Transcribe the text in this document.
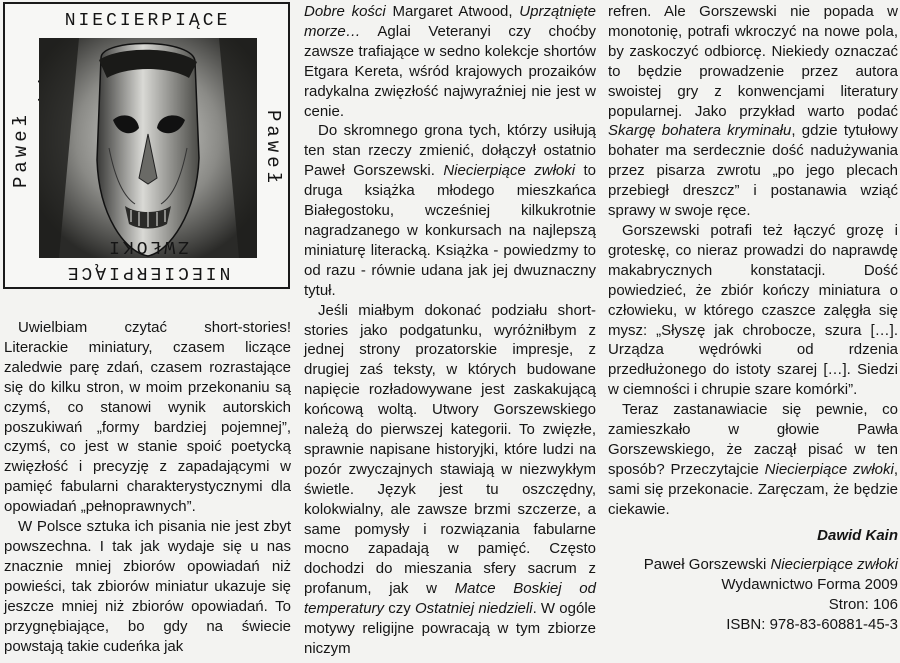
NIECIERPIĄCE
Paweł	Paweł
NIECIERPIĄCE ZWŁOKI

Uwielbiam czytać short-stories! Literackie miniatury, czasem liczące zaledwie parę zdań, czasem rozrastające się do kilku stron, w moim przekonaniu są czymś, co stanowi wynik autorskich poszukiwań „formy bardziej pojemnej”, czymś, co jest w stanie spoić poetycką zwięzłość i precyzję z zapadającymi w pamięć fabularni charakterystycznymi dla opowiadań „pełnoprawnych”.

W Polsce sztuka ich pisania nie jest zbyt powszechna. I tak jak wydaje się u nas znacznie mniej zbiorów opowiadań niż powieści, tak zbiorów miniatur ukazuje się jeszcze mniej niż zbiorów opowiadań. To przygnębiające, bo gdy na świecie powstają takie cudeńka jak

Dobre kości Margaret Atwood, Uprzątnięte morze… Aglai Veteranyi czy choćby zawsze trafiające w sedno kolekcje shortów Etgara Kereta, wśród krajowych prozaików radykalna zwięzłość najwyraźniej nie jest w cenie.

Do skromnego grona tych, którzy usiłują ten stan rzeczy zmienić, dołączył ostatnio Paweł Gorszewski. Niecierpiące zwłoki to druga książka młodego mieszkańca Białegostoku, wcześniej kilkukrotnie nagradzanego w konkursach na najlepszą miniaturę literacką. Książka - powiedzmy to od razu - równie udana jak jej dwuznaczny tytuł.

Jeśli miałbym dokonać podziału short-stories jako podgatunku, wyróżniłbym z jednej strony prozatorskie impresje, z drugiej zaś teksty, w których budowane napięcie rozładowywane jest zaskakującą końcową woltą. Utwory Gorszewskiego należą do pierwszej kategorii. To zwięzłe, sprawnie napisane historyjki, które ludzi na pozór zwyczajnych stawiają w niezwykłym świetle. Język jest tu oszczędny, kolokwialny, ale zawsze brzmi szczerze, a same pomysły i rozwiązania fabularne mocno zapadają w pamięć. Często dochodzi do mieszania sfery sacrum z profanum, jak w Matce Boskiej od temperatury czy Ostatniej niedzieli. W ogóle motywy religijne powracają w tym zbiorze niczym

refren. Ale Gorszewski nie popada w monotonię, potrafi wkroczyć na nowe pola, by zaskoczyć odbiorcę. Niekiedy oznaczać to będzie prowadzenie przez autora swoistej gry z konwencjami literatury popularnej. Jako przykład warto podać Skargę bohatera kryminału, gdzie tytułowy bohater ma serdecznie dość nadużywania przez pisarza zwrotu „po jego plecach przebiegł dreszcz” i postanawia wziąć sprawy w swoje ręce.

Gorszewski potrafi też łączyć grozę i groteskę, co nieraz prowadzi do naprawdę makabrycznych konstatacji. Dość powiedzieć, że zbiór kończy miniatura o człowieku, w którego czaszce zalęgła się mysz: „Słyszę jak chrobocze, szura […]. Urządza wędrówki od rdzenia przedłużonego do istoty szarej […]. Siedzi w ciemności i chrupie szare komórki”.

Teraz zastanawiacie się pewnie, co zamieszkało w głowie Pawła Gorszewskiego, że zaczął pisać w ten sposób? Przeczytajcie Niecierpiące zwłoki, sami się przekonacie. Zaręczam, że będzie ciekawie.

Dawid Kain
Paweł Gorszewski Niecierpiące zwłoki
Wydawnictwo Forma 2009
Stron: 106
ISBN: 978-83-60881-45-3
